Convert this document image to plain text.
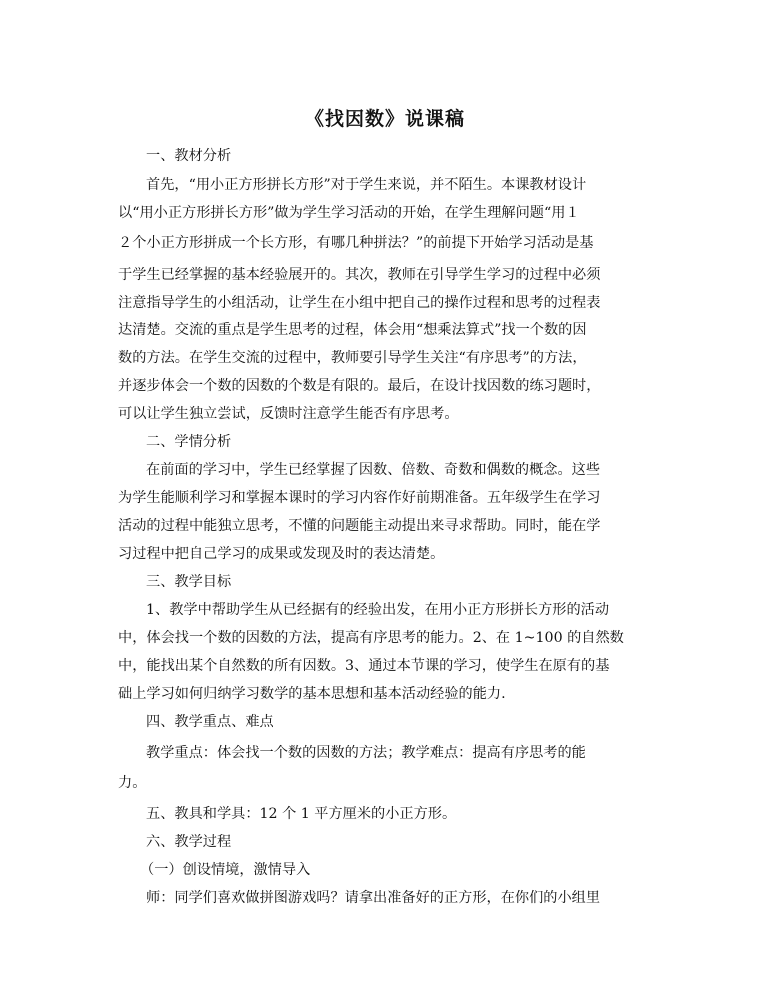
《找因数》说课稿

一、教材分析

首先，“用小正方形拼长方形”对于学生来说，并不陌生。本课教材设计

以“用小正方形拼长方形”做为学生学习活动的开始，在学生理解问题“用１

２个小正方形拼成一个长方形，有哪几种拼法？”的前提下开始学习活动是基

于学生已经掌握的基本经验展开的。其次，教师在引导学生学习的过程中必须

注意指导学生的小组活动，让学生在小组中把自己的操作过程和思考的过程表

达清楚。交流的重点是学生思考的过程，体会用“想乘法算式”找一个数的因

数的方法。在学生交流的过程中，教师要引导学生关注“有序思考”的方法，

并逐步体会一个数的因数的个数是有限的。最后，在设计找因数的练习题时，

可以让学生独立尝试，反馈时注意学生能否有序思考。

二、学情分析

在前面的学习中，学生已经掌握了因数、倍数、奇数和偶数的概念。这些

为学生能顺利学习和掌握本课时的学习内容作好前期准备。五年级学生在学习

活动的过程中能独立思考，不懂的问题能主动提出来寻求帮助。同时，能在学

习过程中把自己学习的成果或发现及时的表达清楚。

三、教学目标

1、教学中帮助学生从已经据有的经验出发，在用小正方形拼长方形的活动

中，体会找一个数的因数的方法，提高有序思考的能力。2、在 1~100 的自然数

中，能找出某个自然数的所有因数。3、通过本节课的学习，使学生在原有的基

础上学习如何归纳学习数学的基本思想和基本活动经验的能力.

四、教学重点、难点

教学重点：体会找一个数的因数的方法；教学难点：提高有序思考的能

力。

五、教具和学具：12 个 1 平方厘米的小正方形。

六、教学过程

（一）创设情境，激情导入

师：同学们喜欢做拼图游戏吗？请拿出准备好的正方形，在你们的小组里
